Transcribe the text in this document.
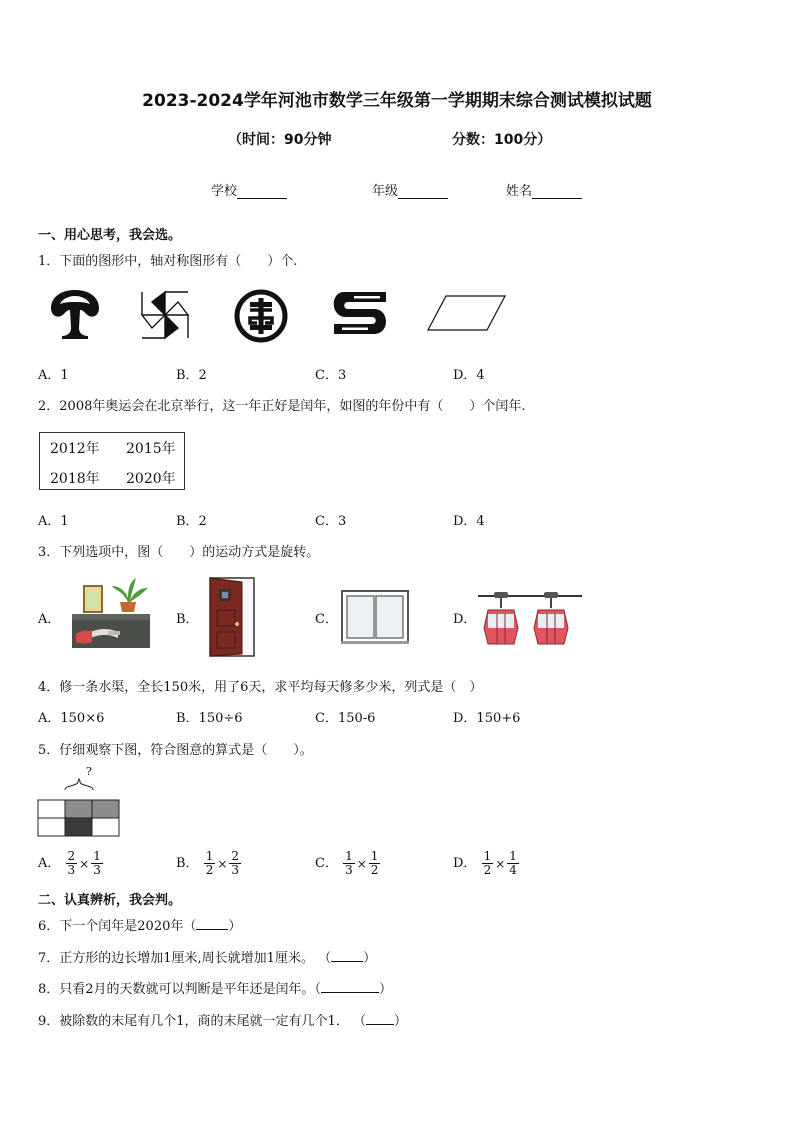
2023-2024学年河池市数学三年级第一学期期末综合测试模拟试题
（时间：90分钟	分数：100分）
学校	年级	姓名
一、用心思考，我会选。
1．下面的图形中，轴对称图形有（　　）个.
A．1	B．2	C．3	D．4
2．2008年奥运会在北京举行，这一年正好是闰年，如图的年份中有（　　）个闰年.
2012年 2015年
2018年 2020年
A．1	B．2	C．3	D．4
3．下列选项中，图（　　）的运动方式是旋转。
A．	B．	C．	D．
4．修一条水渠，全长150米，用了6天，求平均每天修多少米，列式是（　）
A．150×6	B．150÷6	C．150-6	D．150+6
5．仔细观察下图，符合图意的算式是（　　）。
?
A． $\frac{2}{3} \times \frac{1}{3}$	B． $\frac{1}{2} \times \frac{2}{3}$	C． $\frac{1}{3} \times \frac{1}{2}$	D． $\frac{1}{2} \times \frac{1}{4}$
二、认真辨析，我会判。
6．下一个闰年是2020年（ ）
7．正方形的边长增加1厘米,周长就增加1厘米。 （ ）
8．只看2月的天数就可以判断是平年还是闰年。（	）
9．被除数的末尾有几个1，商的末尾就一定有几个1． （ ）
